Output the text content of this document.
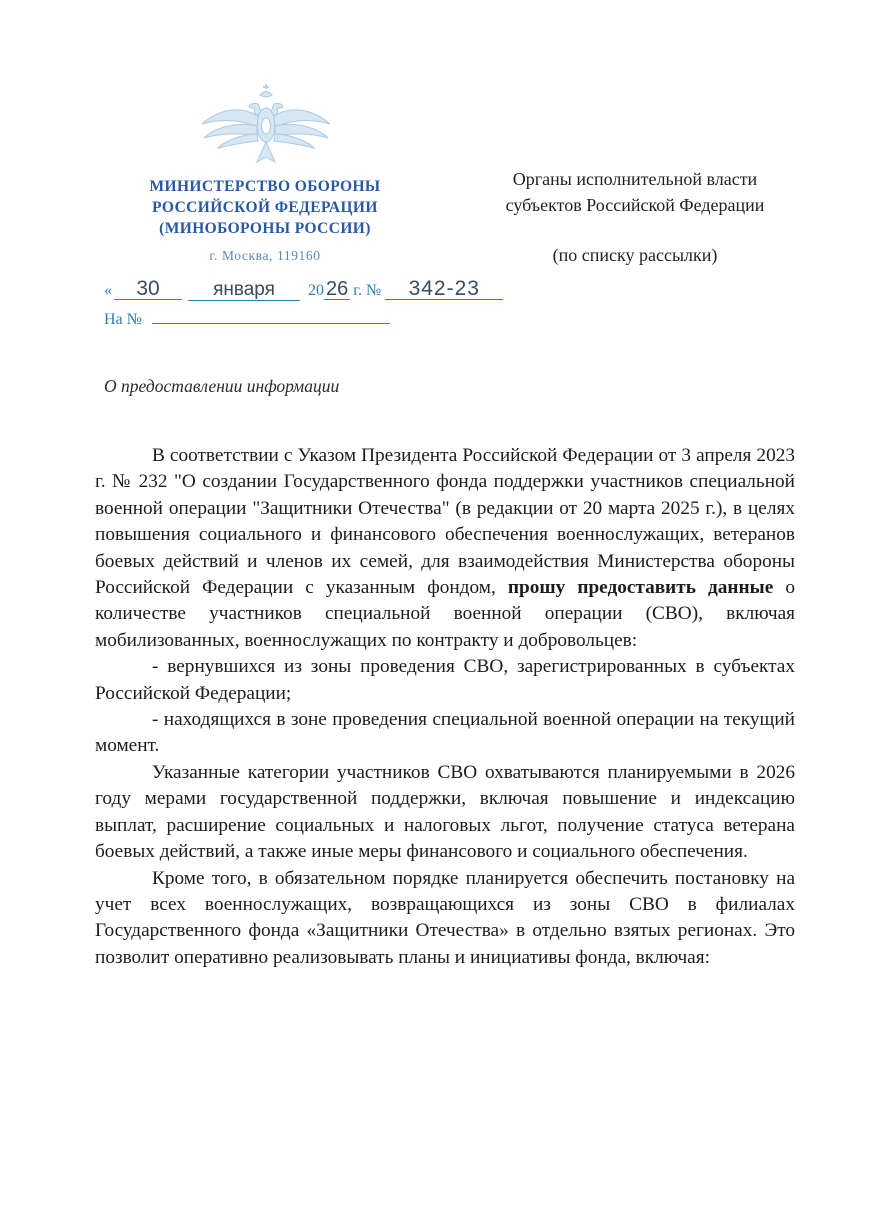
МИНИСТЕРСТВО ОБОРОНЫ
РОССИЙСКОЙ ФЕДЕРАЦИИ
(МИНОБОРОНЫ РОССИИ)
г. Москва, 119160
Органы исполнительной власти
субъектов Российской Федерации
(по списку рассылки)
«	30	января	20 26 г. №	342-23
На №
О предоставлении информации

В соответствии с Указом Президента Российской Федерации от 3 апреля 2023 г. № 232 "О создании Государственного фонда поддержки участников специальной военной операции "Защитники Отечества" (в редакции от 20 марта 2025 г.), в целях повышения социального и финансового обеспечения военнослужащих, ветеранов боевых действий и членов их семей, для взаимодействия Министерства обороны Российской Федерации с указанным фондом, прошу предоставить данные о количестве участников специальной военной операции (СВО), включая мобилизованных, военнослужащих по контракту и добровольцев:

- вернувшихся из зоны проведения СВО, зарегистрированных в субъектах Российской Федерации;

- находящихся в зоне проведения специальной военной операции на текущий момент.

Указанные категории участников СВО охватываются планируемыми в 2026 году мерами государственной поддержки, включая повышение и индексацию выплат, расширение социальных и налоговых льгот, получение статуса ветерана боевых действий, а также иные меры финансового и социального обеспечения.

Кроме того, в обязательном порядке планируется обеспечить постановку на учет всех военнослужащих, возвращающихся из зоны СВО в филиалах Государственного фонда «Защитники Отечества» в отдельно взятых регионах. Это позволит оперативно реализовывать планы и инициативы фонда, включая:
